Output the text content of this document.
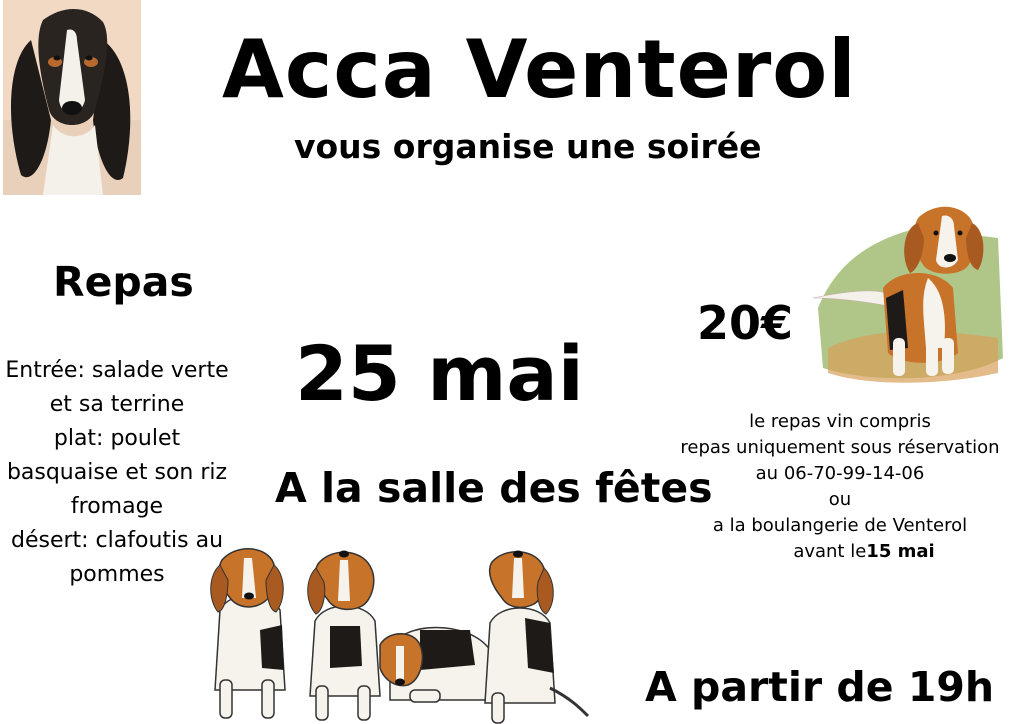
Acca Venterol
vous organise une soirée
Repas
Entrée: salade verte
et sa terrine
plat: poulet
basquaise et son riz
fromage
désert: clafoutis au
pommes
25 mai
20€
A la salle des fêtes
le repas vin compris
repas uniquement sous réservation
au 06-70-99-14-06
ou
a la boulangerie de Venterol
avant le15 mai
A partir de 19h
